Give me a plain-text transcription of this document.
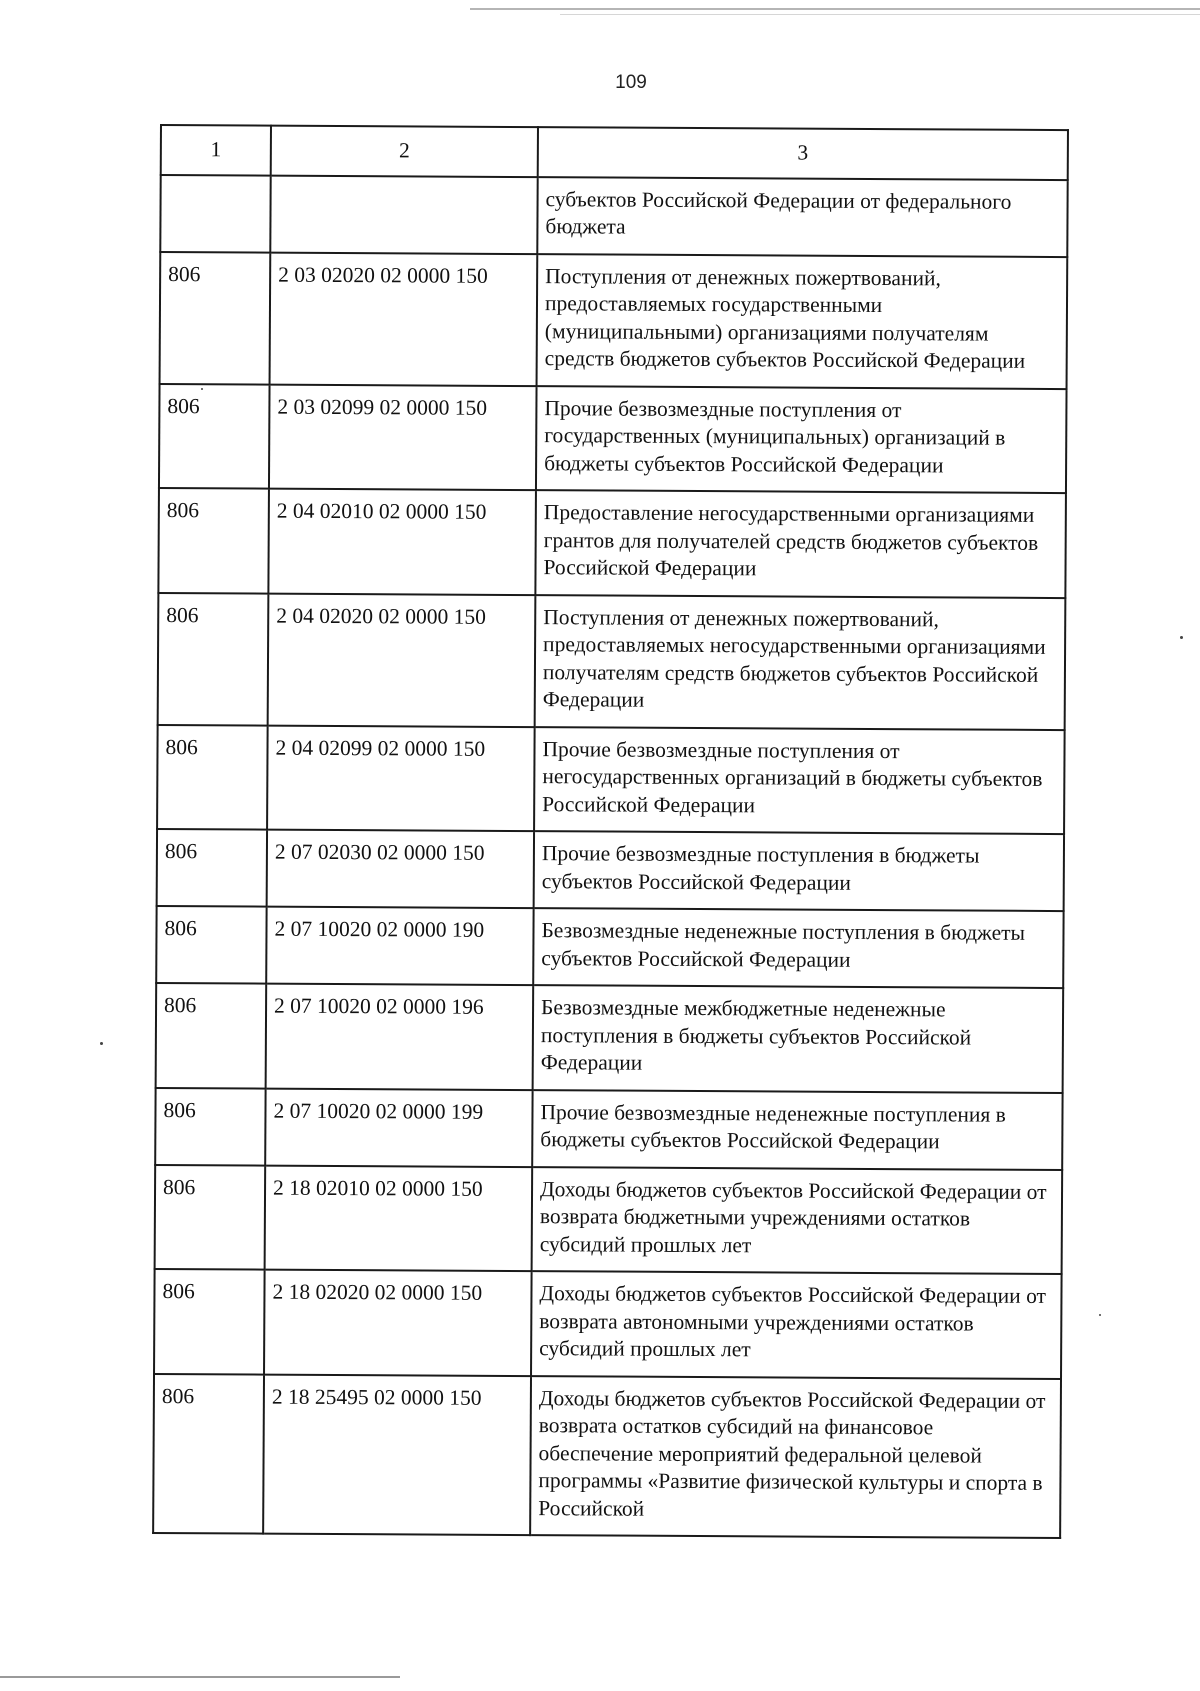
109
1	2	3
		субъектов Российской Федерации от федерального бюджета
806	2 03 02020 02 0000 150	Поступления от денежных пожертвований, предоставляемых государственными (муниципальными) организациями получателям средств бюджетов субъектов Российской Федерации
806	2 03 02099 02 0000 150	Прочие безвозмездные поступления от государственных (муниципальных) организаций в бюджеты субъектов Российской Федерации
806	2 04 02010 02 0000 150	Предоставление негосударственными организациями грантов для получателей средств бюджетов субъектов Российской Федерации
806	2 04 02020 02 0000 150	Поступления от денежных пожертвований, предоставляемых негосударственными организациями получателям средств бюджетов субъектов Российской Федерации
806	2 04 02099 02 0000 150	Прочие безвозмездные поступления от негосударственных организаций в бюджеты субъектов Российской Федерации
806	2 07 02030 02 0000 150	Прочие безвозмездные поступления в бюджеты субъектов Российской Федерации
806	2 07 10020 02 0000 190	Безвозмездные неденежные поступления в бюджеты субъектов Российской Федерации
806	2 07 10020 02 0000 196	Безвозмездные межбюджетные неденежные поступления в бюджеты субъектов Российской Федерации
806	2 07 10020 02 0000 199	Прочие безвозмездные неденежные поступления в бюджеты субъектов Российской Федерации
806	2 18 02010 02 0000 150	Доходы бюджетов субъектов Российской Федерации от возврата бюджетными учреждениями остатков субсидий прошлых лет
806	2 18 02020 02 0000 150	Доходы бюджетов субъектов Российской Федерации от возврата автономными учреждениями остатков субсидий прошлых лет
806	2 18 25495 02 0000 150	Доходы бюджетов субъектов Российской Федерации от возврата остатков субсидий на финансовое обеспечение мероприятий федеральной целевой программы «Развитие физической культуры и спорта в Российской
